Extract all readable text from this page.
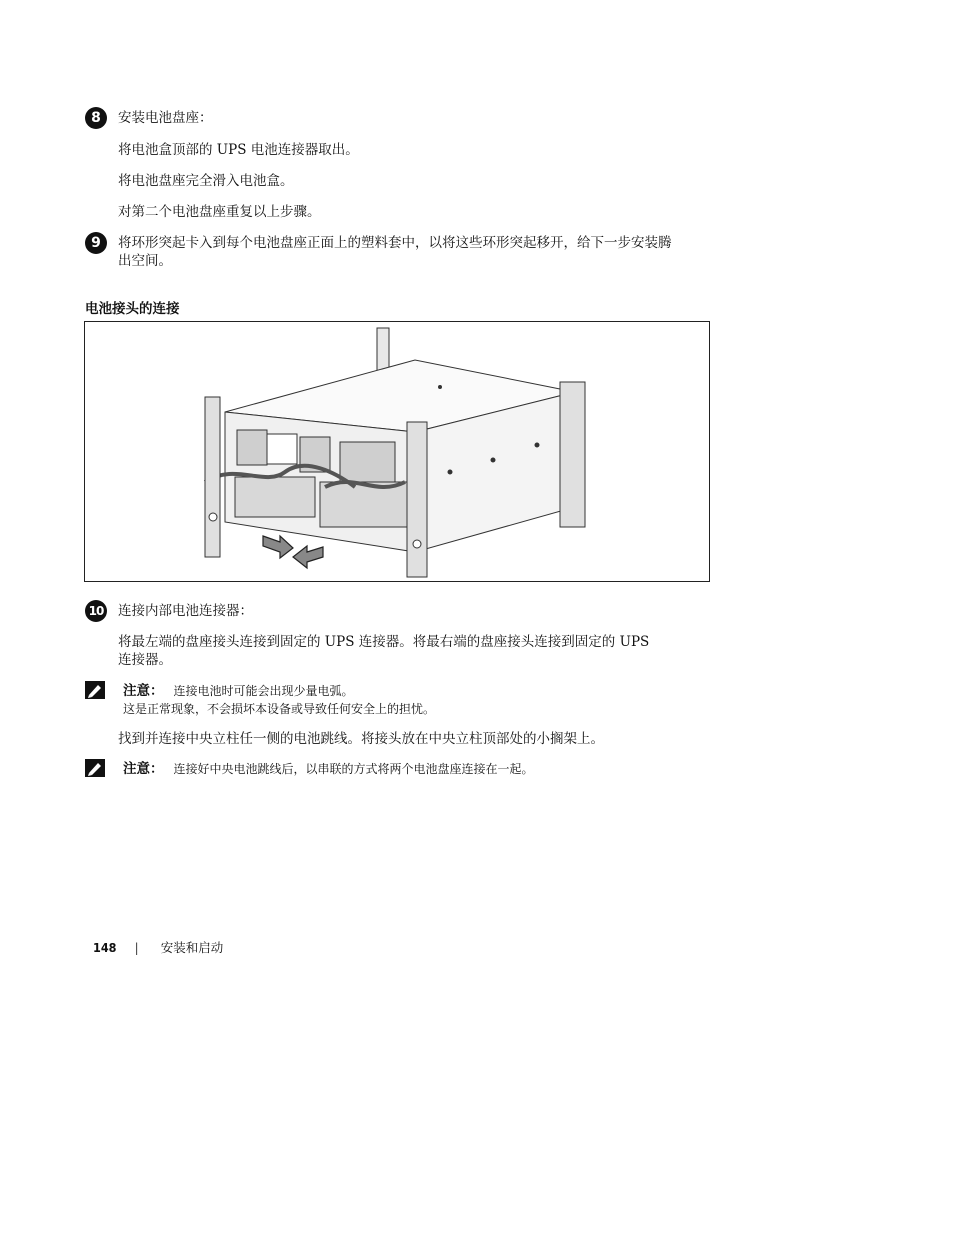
8	安装电池盘座：
将电池盒顶部的 UPS 电池连接器取出。
将电池盘座完全滑入电池盒。
对第二个电池盘座重复以上步骤。
9	将环形突起卡入到每个电池盘座正面上的塑料套中，以将这些环形突起移开，给下一步安装腾
出空间。
电池接头的连接
10 连接内部电池连接器：
将最左端的盘座接头连接到固定的 UPS 连接器。将最右端的盘座接头连接到固定的 UPS
连接器。
注意： 连接电池时可能会出现少量电弧。
这是正常现象，不会损坏本设备或导致任何安全上的担忧。
找到并连接中央立柱任一侧的电池跳线。将接头放在中央立柱顶部处的小搁架上。
注意： 连接好中央电池跳线后，以串联的方式将两个电池盘座连接在一起。
148 | 安装和启动
